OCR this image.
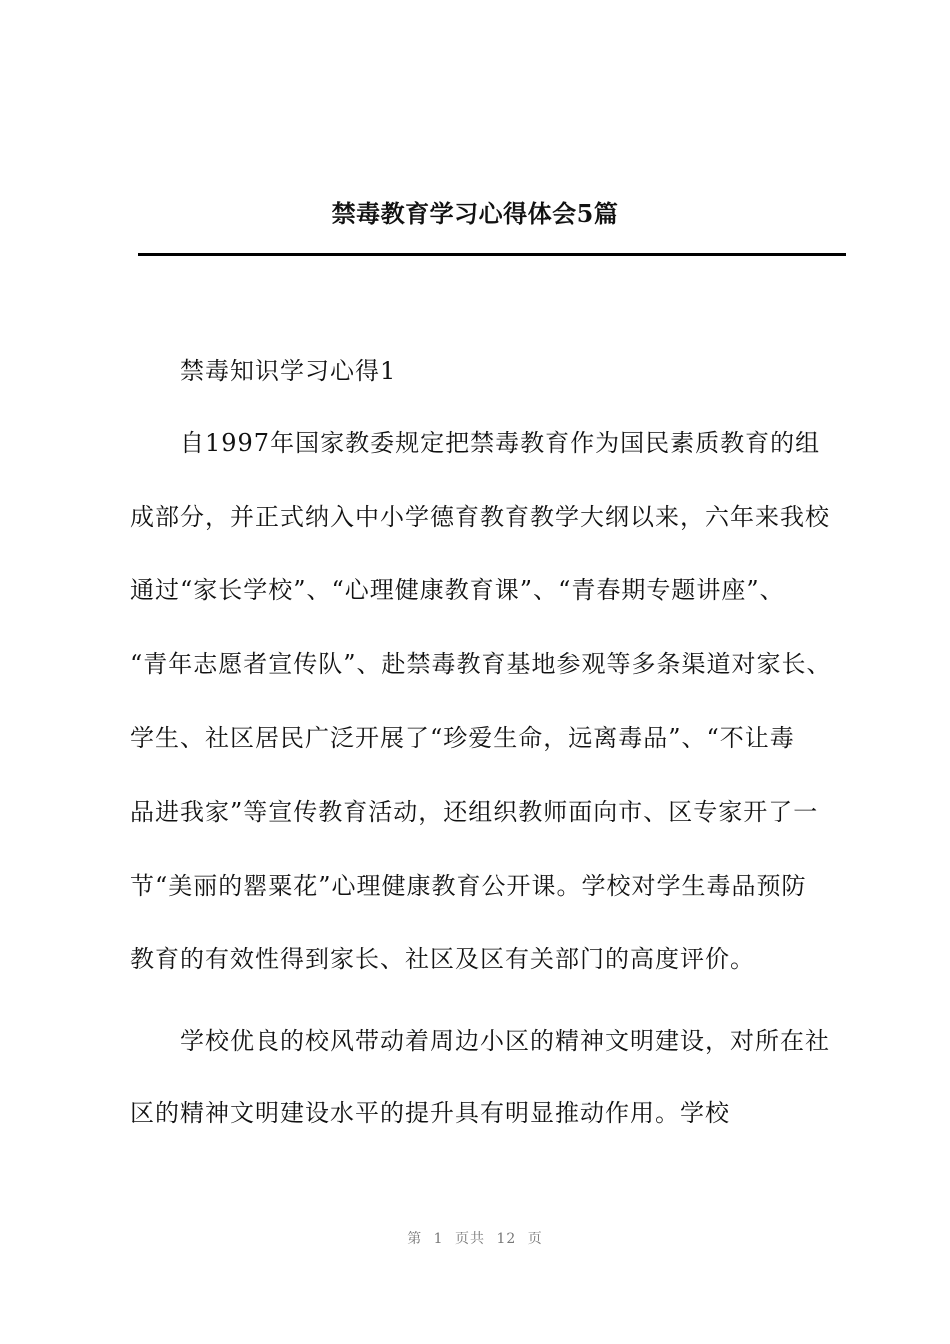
禁毒教育学习心得体会5篇
禁毒知识学习心得1
自1997年国家教委规定把禁毒教育作为国民素质教育的组
成部分，并正式纳入中小学德育教育教学大纲以来，六年来我校
通过“家长学校”、“心理健康教育课”、“青春期专题讲座”、
“青年志愿者宣传队”、赴禁毒教育基地参观等多条渠道对家长、
学生、社区居民广泛开展了“珍爱生命，远离毒品”、“不让毒
品进我家”等宣传教育活动，还组织教师面向市、区专家开了一
节“美丽的罂粟花”心理健康教育公开课。学校对学生毒品预防
教育的有效性得到家长、社区及区有关部门的高度评价。
学校优良的校风带动着周边小区的精神文明建设，对所在社
区的精神文明建设水平的提升具有明显推动作用。学校
第 1 页共 12 页
